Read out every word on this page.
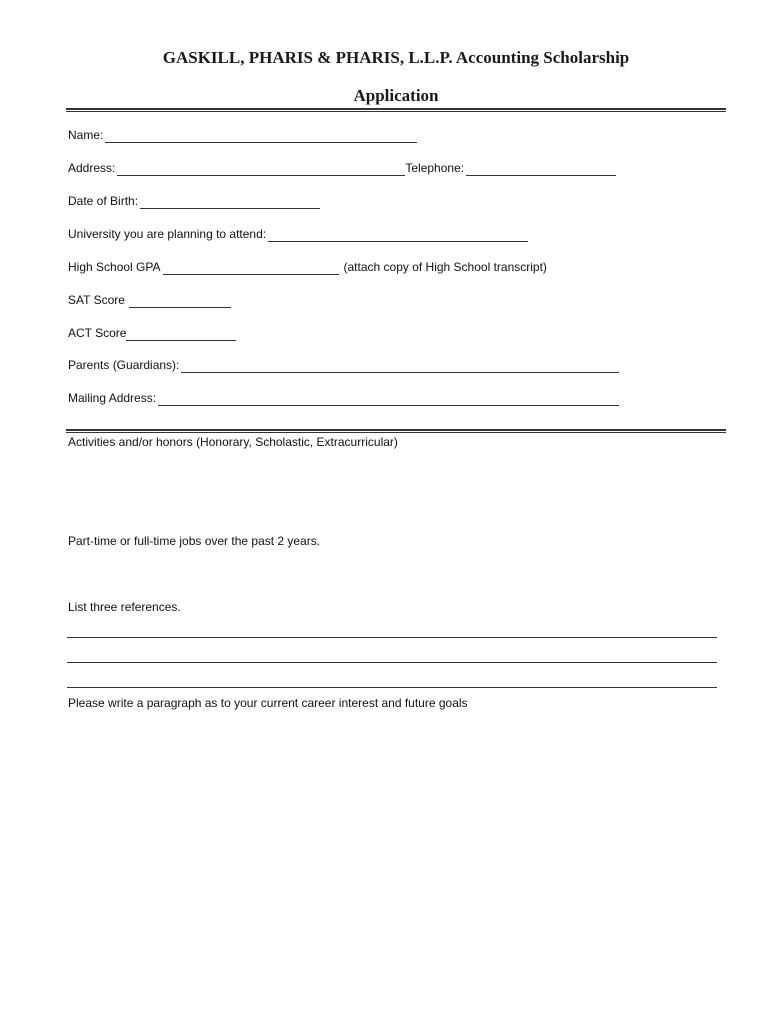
GASKILL, PHARIS & PHARIS, L.L.P. Accounting Scholarship
Application
Name:
Address:	Telephone:
Date of Birth:
University you are planning to attend:
High School GPA	(attach copy of High School transcript)
SAT Score
ACT Score
Parents (Guardians):
Mailing Address:
Activities and/or honors (Honorary, Scholastic, Extracurricular)
Part-time or full-time jobs over the past 2 years.
List three references.
Please write a paragraph as to your current career interest and future goals
